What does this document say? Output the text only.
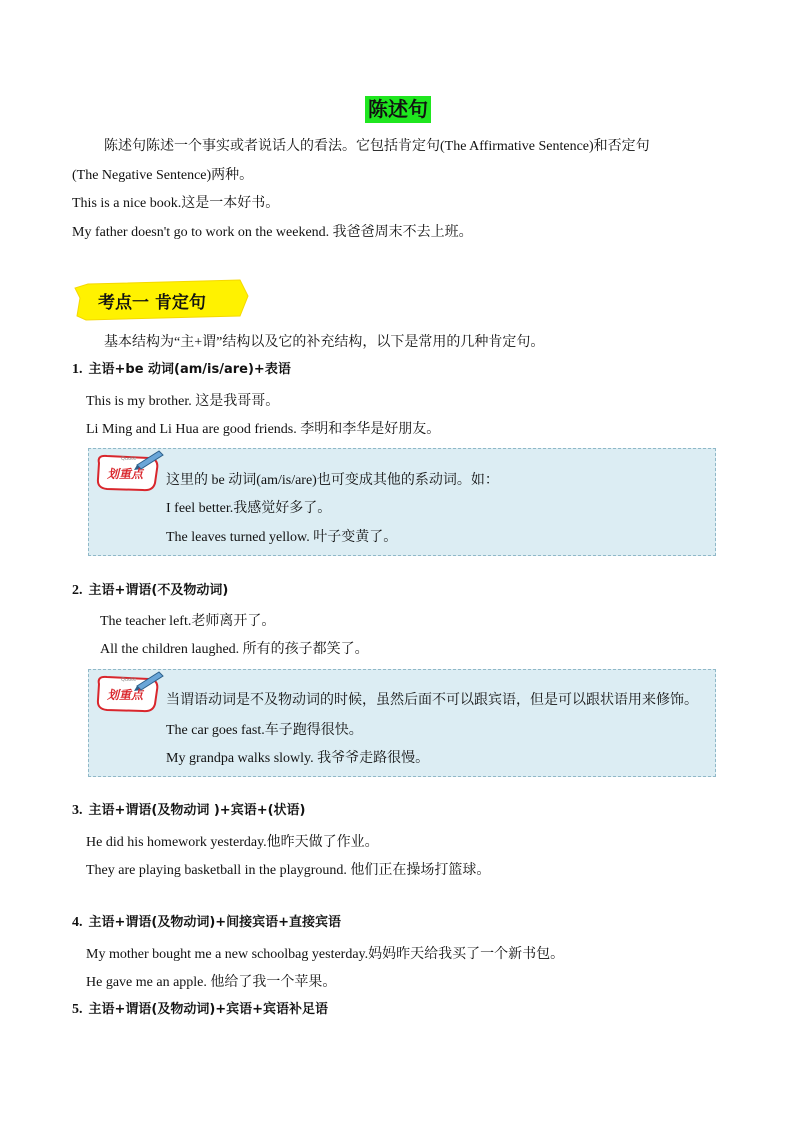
陈述句
陈述句陈述一个事实或者说话人的看法。它包括肯定句(The Affirmative Sentence)和否定句
(The Negative Sentence)两种。
This is a nice book.这是一本好书。
My father doesn't go to work on the weekend. 我爸爸周末不去上班。
考点一 肯定句
基本结构为“主+谓”结构以及它的补充结构，以下是常用的几种肯定句。
1. 主语+be 动词(am/is/are)+表语
This is my brother. 这是我哥哥。
Li Ming and Li Hua are good friends. 李明和李华是好朋友。
Quote
划重点 这里的 be 动词(am/is/are)也可变成其他的系动词。如：
I feel better.我感觉好多了。
The leaves turned yellow. 叶子变黄了。
2. 主语+谓语(不及物动词)
The teacher left.老师离开了。
All the children laughed. 所有的孩子都笑了。
Quote
划重点 当谓语动词是不及物动词的时候，虽然后面不可以跟宾语，但是可以跟状语用来修饰。
The car goes fast.车子跑得很快。
My grandpa walks slowly. 我爷爷走路很慢。
3. 主语+谓语(及物动词 )+宾语+(状语)
He did his homework yesterday.他昨天做了作业。
They are playing basketball in the playground. 他们正在操场打篮球。
4. 主语+谓语(及物动词)+间接宾语+直接宾语
My mother bought me a new schoolbag yesterday.妈妈昨天给我买了一个新书包。
He gave me an apple. 他给了我一个苹果。
5. 主语+谓语(及物动词)+宾语+宾语补足语
